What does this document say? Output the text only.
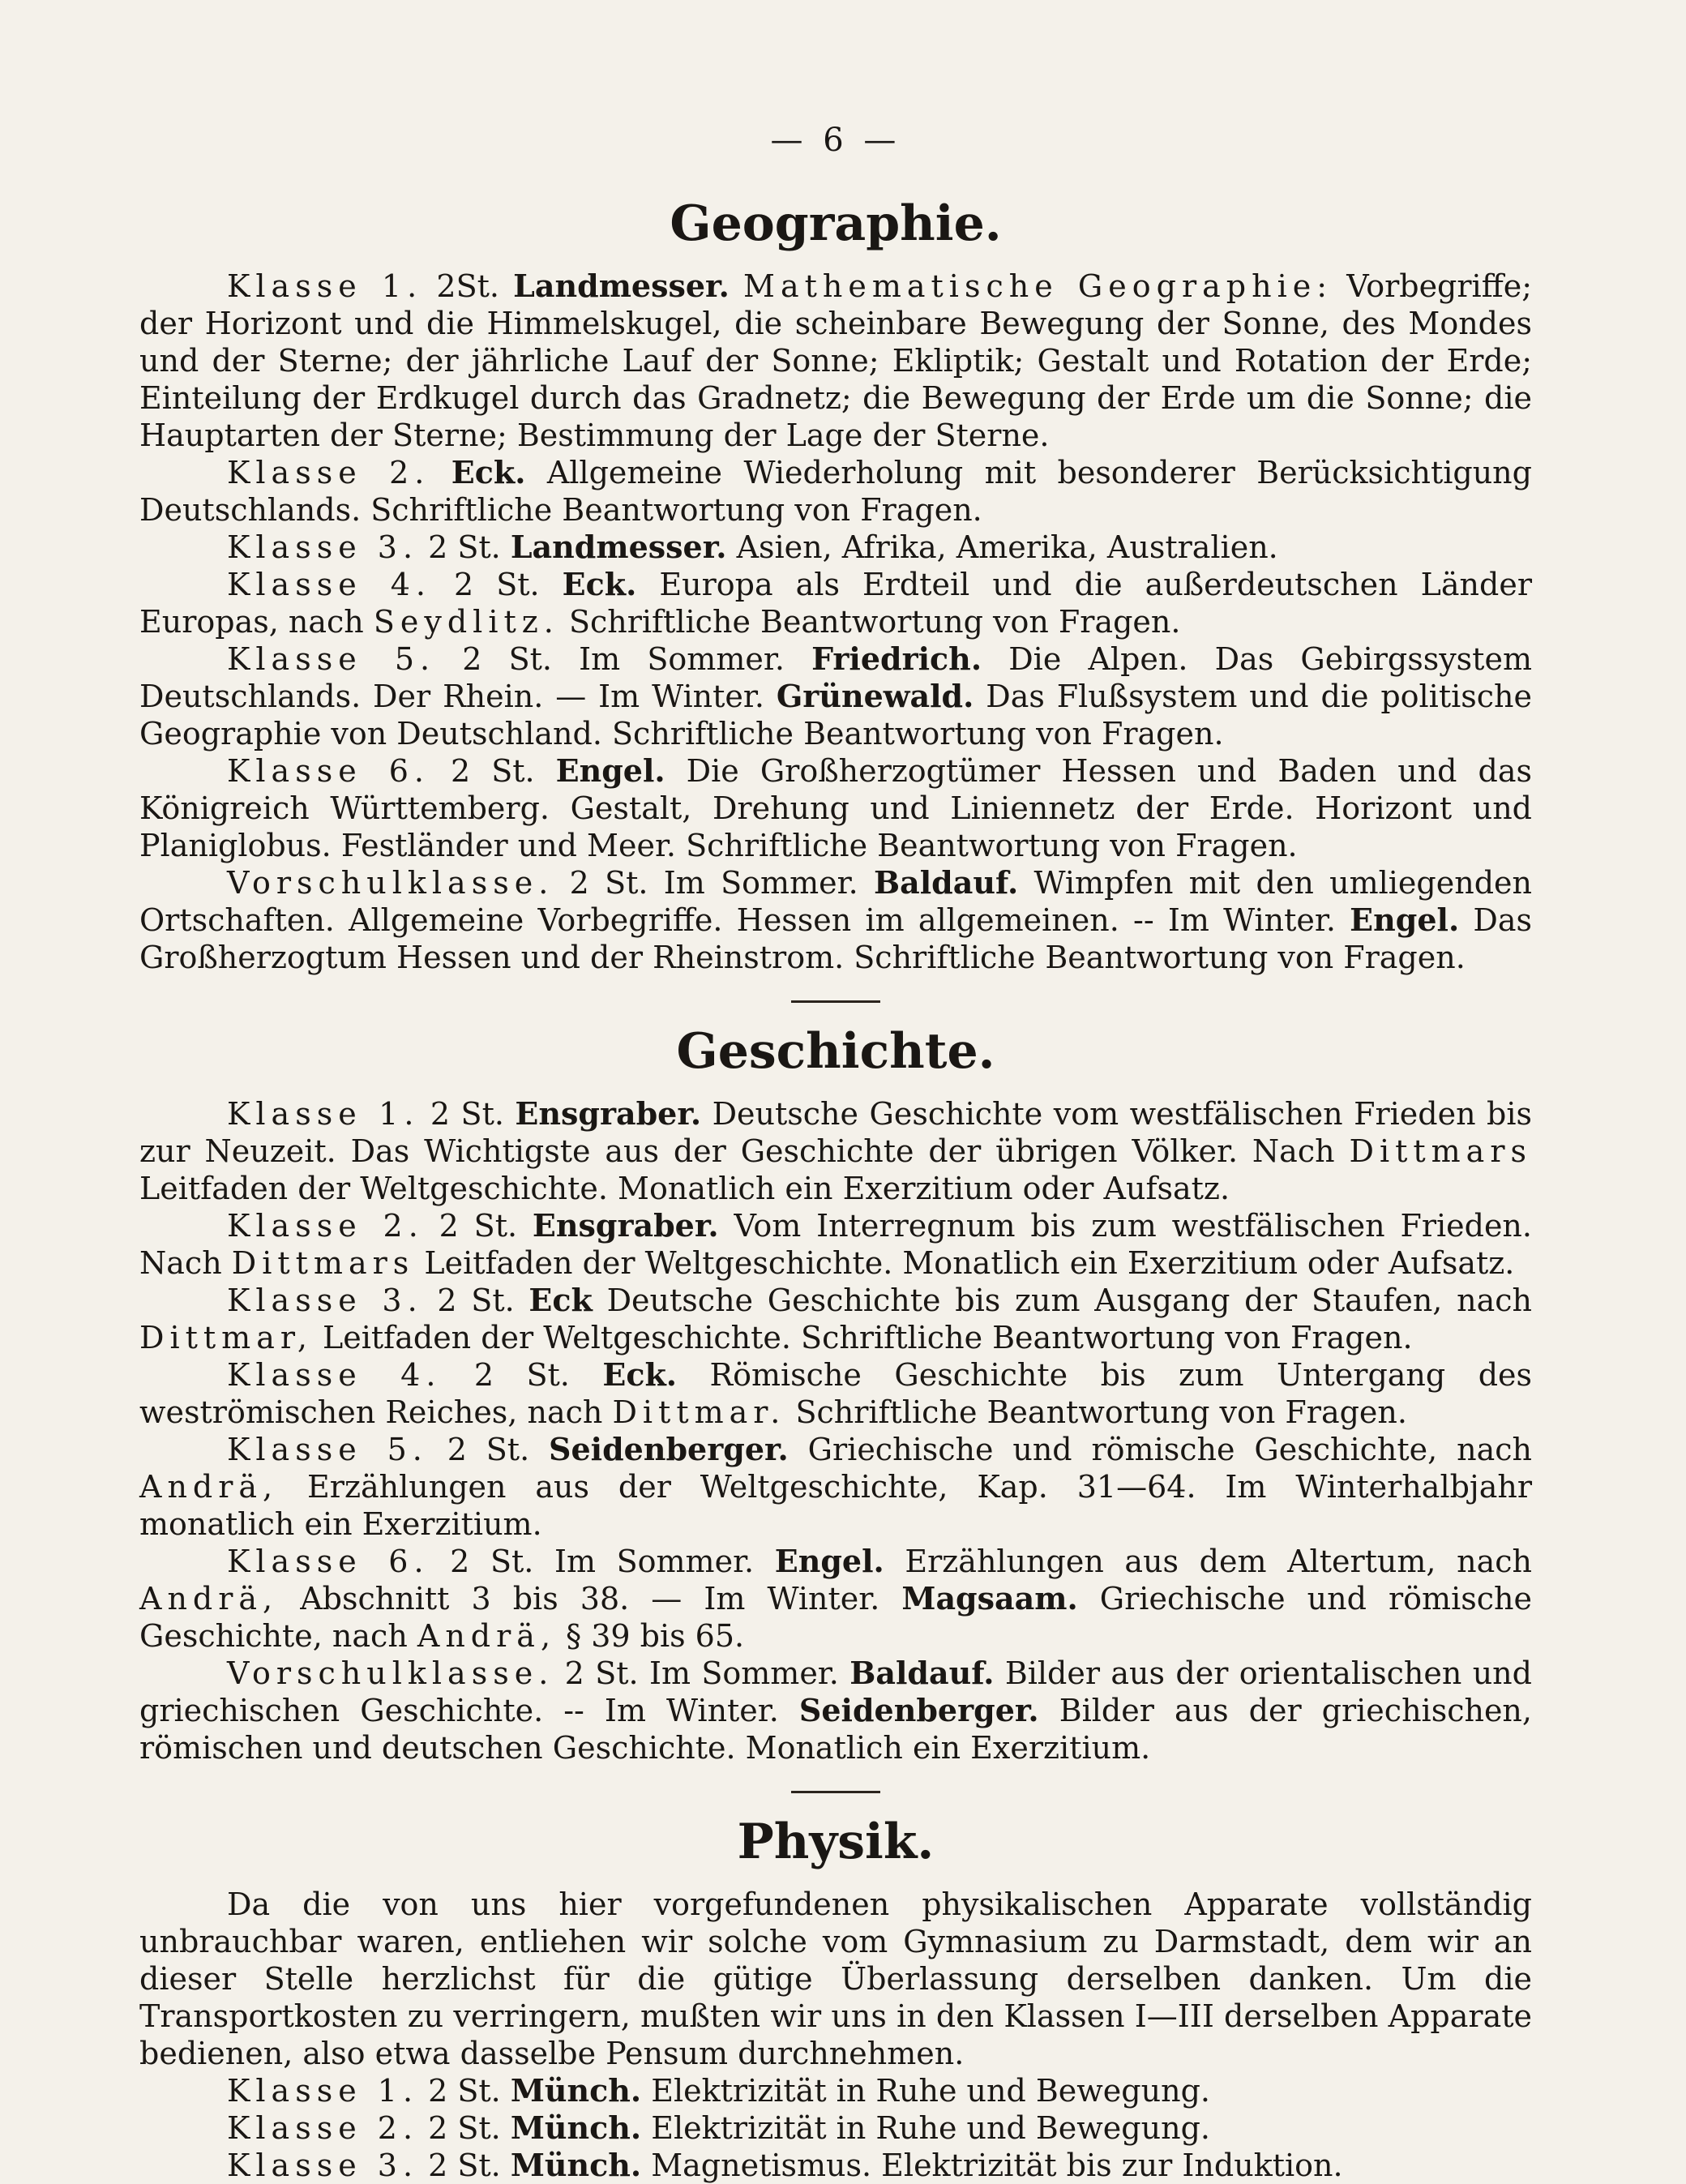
— 6 —
Geographie.

Klasse 1. 2St. Landmesser. Mathematische Geographie: Vorbegriffe; der Horizont und die Himmelskugel, die scheinbare Bewegung der Sonne, des Mondes und der Sterne; der jährliche Lauf der Sonne; Ekliptik; Gestalt und Rotation der Erde; Einteilung der Erdkugel durch das Gradnetz; die Bewegung der Erde um die Sonne; die Hauptarten der Sterne; Bestimmung der Lage der Sterne.

Klasse 2. Eck. Allgemeine Wiederholung mit besonderer Berücksichtigung Deutschlands. Schriftliche Beantwortung von Fragen.

Klasse 3. 2 St. Landmesser. Asien, Afrika, Amerika, Australien.

Klasse 4. 2 St. Eck. Europa als Erdteil und die außerdeutschen Länder Europas, nach Seydlitz. Schriftliche Beantwortung von Fragen.

Klasse 5. 2 St. Im Sommer. Friedrich. Die Alpen. Das Gebirgssystem Deutschlands. Der Rhein. — Im Winter. Grünewald. Das Flußsystem und die politische Geographie von Deutschland. Schriftliche Beantwortung von Fragen.

Klasse 6. 2 St. Engel. Die Großherzogtümer Hessen und Baden und das Königreich Württemberg. Gestalt, Drehung und Liniennetz der Erde. Horizont und Planiglobus. Festländer und Meer. Schriftliche Beantwortung von Fragen.

Vorschulklasse. 2 St. Im Sommer. Baldauf. Wimpfen mit den umliegenden Ortschaften. Allgemeine Vorbegriffe. Hessen im allgemeinen. -- Im Winter. Engel. Das Großherzogtum Hessen und der Rheinstrom. Schriftliche Beantwortung von Fragen.

Geschichte.

Klasse 1. 2 St. Ensgraber. Deutsche Geschichte vom westfälischen Frieden bis zur Neuzeit. Das Wichtigste aus der Geschichte der übrigen Völker. Nach Dittmars Leitfaden der Weltgeschichte. Monatlich ein Exerzitium oder Aufsatz.

Klasse 2. 2 St. Ensgraber. Vom Interregnum bis zum westfälischen Frieden. Nach Dittmars Leitfaden der Weltgeschichte. Monatlich ein Exerzitium oder Aufsatz.

Klasse 3. 2 St. Eck Deutsche Geschichte bis zum Ausgang der Staufen, nach Dittmar, Leitfaden der Weltgeschichte. Schriftliche Beantwortung von Fragen.

Klasse 4. 2 St. Eck. Römische Geschichte bis zum Untergang des weströmischen Reiches, nach Dittmar. Schriftliche Beantwortung von Fragen.

Klasse 5. 2 St. Seidenberger. Griechische und römische Geschichte, nach Andrä, Erzählungen aus der Weltgeschichte, Kap. 31—64. Im Winterhalbjahr monatlich ein Exerzitium.

Klasse 6. 2 St. Im Sommer. Engel. Erzählungen aus dem Altertum, nach Andrä, Abschnitt 3 bis 38. — Im Winter. Magsaam. Griechische und römische Geschichte, nach Andrä, § 39 bis 65.

Vorschulklasse. 2 St. Im Sommer. Baldauf. Bilder aus der orientalischen und griechischen Geschichte. -- Im Winter. Seidenberger. Bilder aus der griechischen, römischen und deutschen Geschichte. Monatlich ein Exerzitium.

Physik.

Da die von uns hier vorgefundenen physikalischen Apparate vollständig unbrauchbar waren, entliehen wir solche vom Gymnasium zu Darmstadt, dem wir an dieser Stelle herzlichst für die gütige Überlassung derselben danken. Um die Transportkosten zu verringern, mußten wir uns in den Klassen I—III derselben Apparate bedienen, also etwa dasselbe Pensum durchnehmen.

Klasse 1. 2 St. Münch. Elektrizität in Ruhe und Bewegung.

Klasse 2. 2 St. Münch. Elektrizität in Ruhe und Bewegung.

Klasse 3. 2 St. Münch. Magnetismus. Elektrizität bis zur Induktion.
